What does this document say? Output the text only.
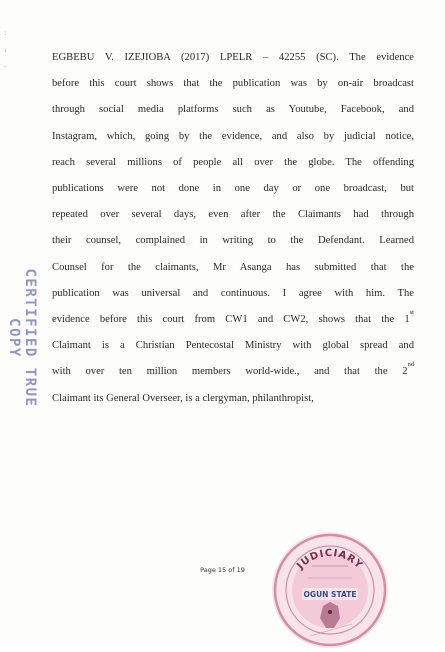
:
‹
-
EGBEBU V. IZEJIOBA (2017) LPELR – 42255 (SC). The evidence
before this court shows that the publication was by on-air broadcast
through social media platforms such as Youtube, Facebook, and
Instagram, which, going by the evidence, and also by judicial notice,
reach several millions of people all over the globe. The offending
publications were not done in one day or one broadcast, but
repeated over several days, even after the Claimants had through
their counsel, complained in writing to the Defendant. Learned
Counsel for the claimants, Mr Asanga has submitted that the
publication was universal and continuous. I agree with him. The
evidence before this court from CW1 and CW2, shows that the 1st
Claimant is a Christian Pentecostal Ministry with global spread and
with over ten million members world-wide., and that the 2nd
Claimant its General Overseer, is a clergyman, philanthropist,
CERTIFIED TRUE COPY
Page 15 of 19	JUDICIARY
OGUN STATE
